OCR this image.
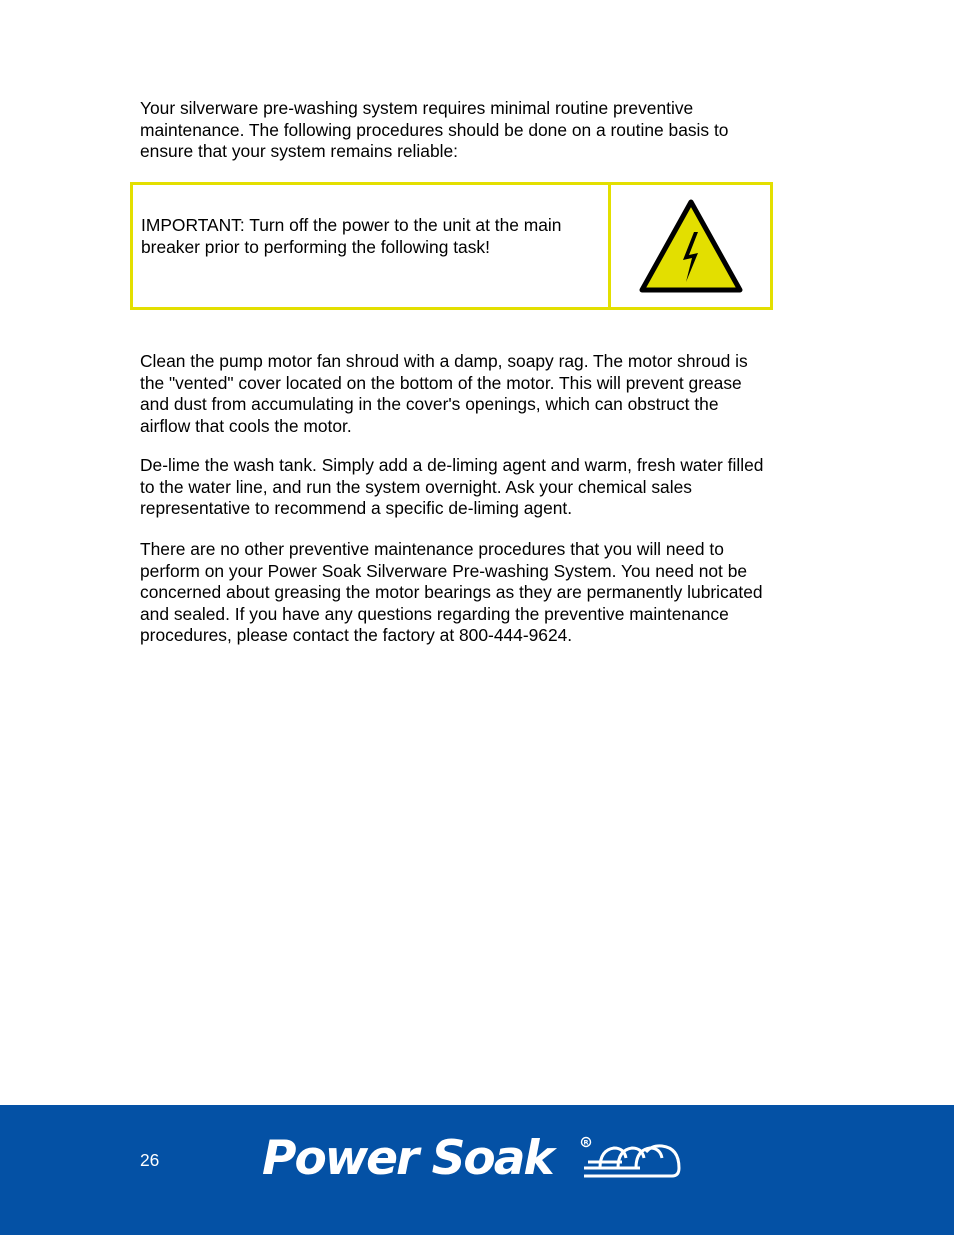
Your silverware pre-washing system requires minimal routine preventive maintenance. The following procedures should be done on a routine basis to ensure that your system remains reliable:

IMPORTANT: Turn off the power to the unit at the main breaker prior to performing the following task!

Clean the pump motor fan shroud with a damp, soapy rag. The motor shroud is the "vented" cover located on the bottom of the motor. This will prevent grease and dust from accumulating in the cover's openings, which can obstruct the airflow that cools the motor.

De-lime the wash tank. Simply add a de-liming agent and warm, fresh water filled to the water line, and run the system overnight. Ask your chemical sales representative to recommend a specific de-liming agent.

There are no other preventive maintenance procedures that you will need to perform on your Power Soak Silverware Pre-washing System. You need not be concerned about greasing the motor bearings as they are permanently lubricated and sealed. If you have any questions regarding the preventive maintenance procedures, please contact the factory at 800-444-9624.

26 Power Soak	R
